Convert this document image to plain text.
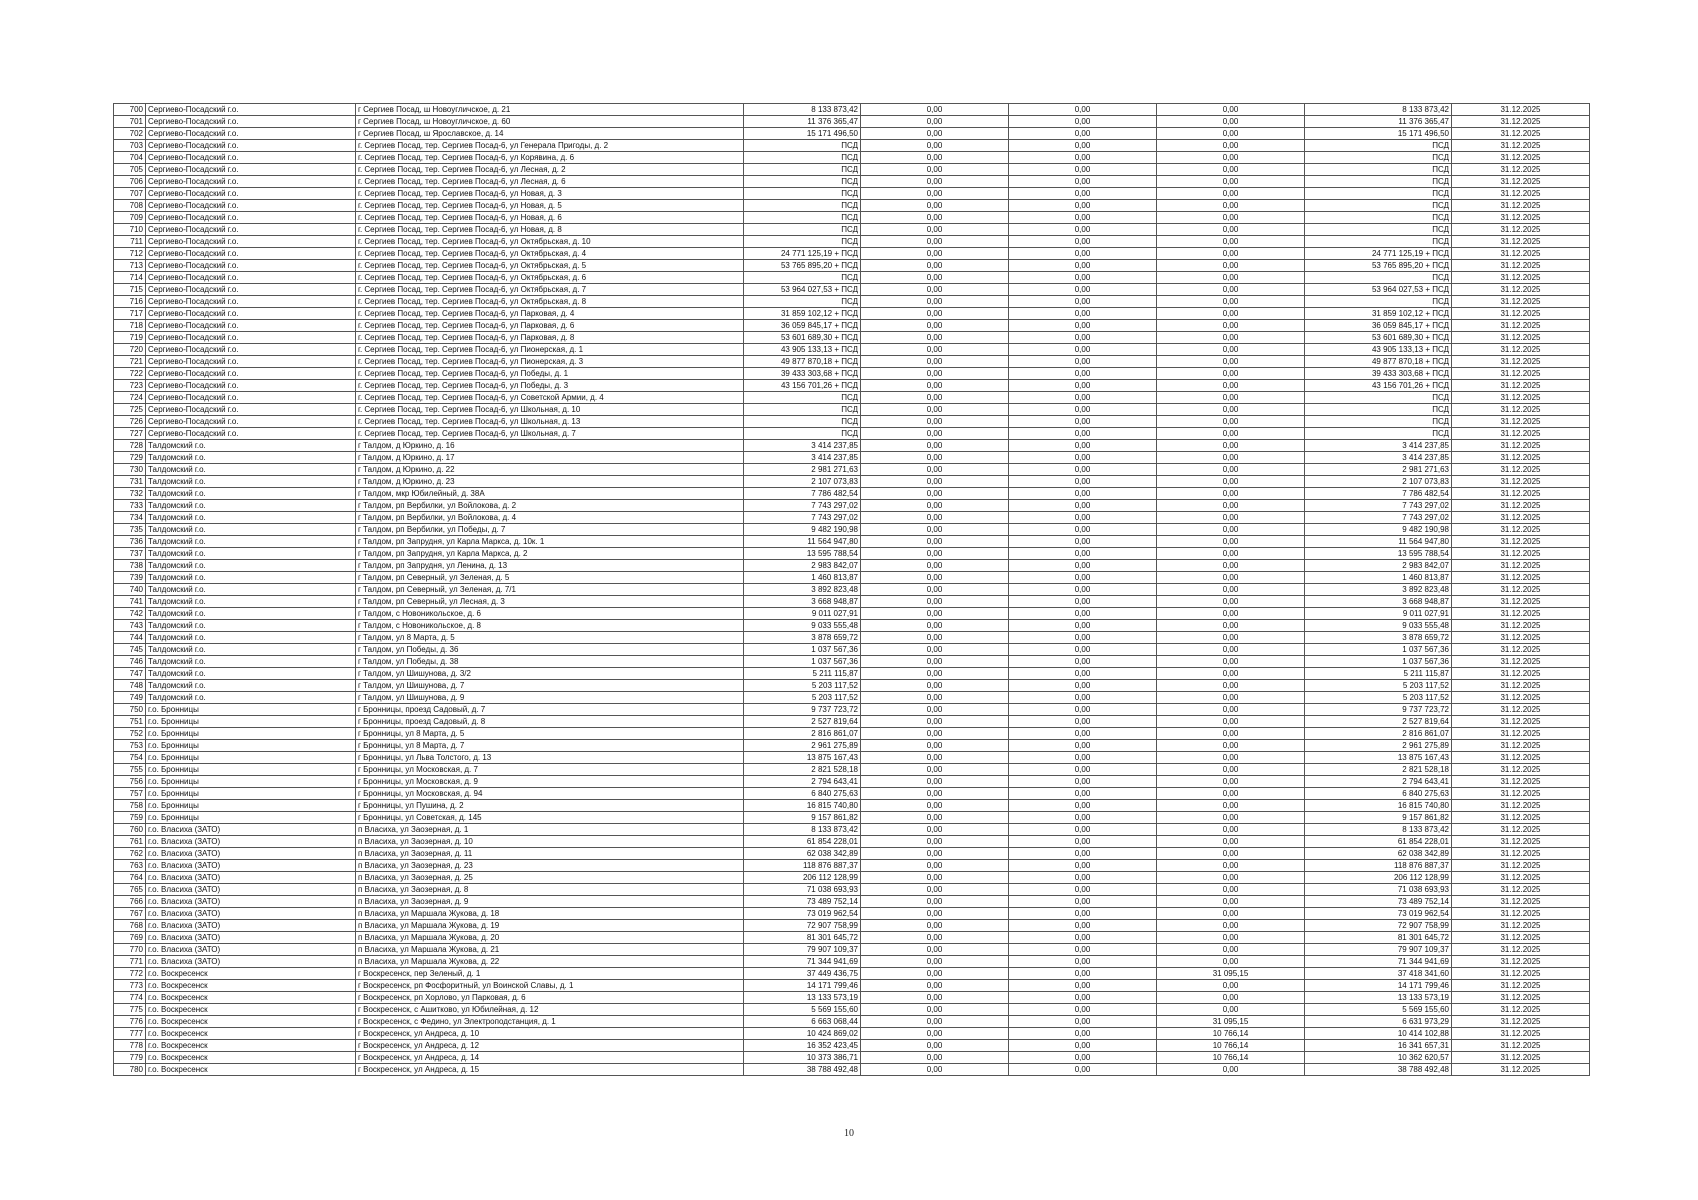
700	Сергиево-Посадский г.о.	г Сергиев Посад, ш Новоугличское, д. 21	8 133 873,42	0,00	0,00	0,00	8 133 873,42	31.12.2025
701	Сергиево-Посадский г.о.	г Сергиев Посад, ш Новоугличское, д. 60	11 376 365,47	0,00	0,00	0,00	11 376 365,47	31.12.2025
702	Сергиево-Посадский г.о.	г Сергиев Посад, ш Ярославское, д. 14	15 171 496,50	0,00	0,00	0,00	15 171 496,50	31.12.2025
703	Сергиево-Посадский г.о.	г. Сергиев Посад, тер. Сергиев Посад-6, ул Генерала Пригоды, д. 2	ПСД	0,00	0,00	0,00	ПСД	31.12.2025
704	Сергиево-Посадский г.о.	г. Сергиев Посад, тер. Сергиев Посад-6, ул Корявина, д. 6	ПСД	0,00	0,00	0,00	ПСД	31.12.2025
705	Сергиево-Посадский г.о.	г. Сергиев Посад, тер. Сергиев Посад-6, ул Лесная, д. 2	ПСД	0,00	0,00	0,00	ПСД	31.12.2025
706	Сергиево-Посадский г.о.	г. Сергиев Посад, тер. Сергиев Посад-6, ул Лесная, д. 6	ПСД	0,00	0,00	0,00	ПСД	31.12.2025
707	Сергиево-Посадский г.о.	г. Сергиев Посад, тер. Сергиев Посад-6, ул Новая, д. 3	ПСД	0,00	0,00	0,00	ПСД	31.12.2025
708	Сергиево-Посадский г.о.	г. Сергиев Посад, тер. Сергиев Посад-6, ул Новая, д. 5	ПСД	0,00	0,00	0,00	ПСД	31.12.2025
709	Сергиево-Посадский г.о.	г. Сергиев Посад, тер. Сергиев Посад-6, ул Новая, д. 6	ПСД	0,00	0,00	0,00	ПСД	31.12.2025
710	Сергиево-Посадский г.о.	г. Сергиев Посад, тер. Сергиев Посад-6, ул Новая, д. 8	ПСД	0,00	0,00	0,00	ПСД	31.12.2025
711	Сергиево-Посадский г.о.	г. Сергиев Посад, тер. Сергиев Посад-6, ул Октябрьская, д. 10	ПСД	0,00	0,00	0,00	ПСД	31.12.2025
712	Сергиево-Посадский г.о.	г. Сергиев Посад, тер. Сергиев Посад-6, ул Октябрьская, д. 4	24 771 125,19 + ПСД	0,00	0,00	0,00	24 771 125,19 + ПСД	31.12.2025
713	Сергиево-Посадский г.о.	г. Сергиев Посад, тер. Сергиев Посад-6, ул Октябрьская, д. 5	53 765 895,20 + ПСД	0,00	0,00	0,00	53 765 895,20 + ПСД	31.12.2025
714	Сергиево-Посадский г.о.	г. Сергиев Посад, тер. Сергиев Посад-6, ул Октябрьская, д. 6	ПСД	0,00	0,00	0,00	ПСД	31.12.2025
715	Сергиево-Посадский г.о.	г. Сергиев Посад, тер. Сергиев Посад-6, ул Октябрьская, д. 7	53 964 027,53 + ПСД	0,00	0,00	0,00	53 964 027,53 + ПСД	31.12.2025
716	Сергиево-Посадский г.о.	г. Сергиев Посад, тер. Сергиев Посад-6, ул Октябрьская, д. 8	ПСД	0,00	0,00	0,00	ПСД	31.12.2025
717	Сергиево-Посадский г.о.	г. Сергиев Посад, тер. Сергиев Посад-6, ул Парковая, д. 4	31 859 102,12 + ПСД	0,00	0,00	0,00	31 859 102,12 + ПСД	31.12.2025
718	Сергиево-Посадский г.о.	г. Сергиев Посад, тер. Сергиев Посад-6, ул Парковая, д. 6	36 059 845,17 + ПСД	0,00	0,00	0,00	36 059 845,17 + ПСД	31.12.2025
719	Сергиево-Посадский г.о.	г. Сергиев Посад, тер. Сергиев Посад-6, ул Парковая, д. 8	53 601 689,30 + ПСД	0,00	0,00	0,00	53 601 689,30 + ПСД	31.12.2025
720	Сергиево-Посадский г.о.	г. Сергиев Посад, тер. Сергиев Посад-6, ул Пионерская, д. 1	43 905 133,13 + ПСД	0,00	0,00	0,00	43 905 133,13 + ПСД	31.12.2025
721	Сергиево-Посадский г.о.	г. Сергиев Посад, тер. Сергиев Посад-6, ул Пионерская, д. 3	49 877 870,18 + ПСД	0,00	0,00	0,00	49 877 870,18 + ПСД	31.12.2025
722	Сергиево-Посадский г.о.	г. Сергиев Посад, тер. Сергиев Посад-6, ул Победы, д. 1	39 433 303,68 + ПСД	0,00	0,00	0,00	39 433 303,68 + ПСД	31.12.2025
723	Сергиево-Посадский г.о.	г. Сергиев Посад, тер. Сергиев Посад-6, ул Победы, д. 3	43 156 701,26 + ПСД	0,00	0,00	0,00	43 156 701,26 + ПСД	31.12.2025
724	Сергиево-Посадский г.о.	г. Сергиев Посад, тер. Сергиев Посад-6, ул Советской Армии, д. 4	ПСД	0,00	0,00	0,00	ПСД	31.12.2025
725	Сергиево-Посадский г.о.	г. Сергиев Посад, тер. Сергиев Посад-6, ул Школьная, д. 10	ПСД	0,00	0,00	0,00	ПСД	31.12.2025
726	Сергиево-Посадский г.о.	г. Сергиев Посад, тер. Сергиев Посад-6, ул Школьная, д. 13	ПСД	0,00	0,00	0,00	ПСД	31.12.2025
727	Сергиево-Посадский г.о.	г. Сергиев Посад, тер. Сергиев Посад-6, ул Школьная, д. 7	ПСД	0,00	0,00	0,00	ПСД	31.12.2025
728	Талдомский г.о.	г Талдом, д Юркино, д. 16	3 414 237,85	0,00	0,00	0,00	3 414 237,85	31.12.2025
729	Талдомский г.о.	г Талдом, д Юркино, д. 17	3 414 237,85	0,00	0,00	0,00	3 414 237,85	31.12.2025
730	Талдомский г.о.	г Талдом, д Юркино, д. 22	2 981 271,63	0,00	0,00	0,00	2 981 271,63	31.12.2025
731	Талдомский г.о.	г Талдом, д Юркино, д. 23	2 107 073,83	0,00	0,00	0,00	2 107 073,83	31.12.2025
732	Талдомский г.о.	г Талдом, мкр Юбилейный, д. 38А	7 786 482,54	0,00	0,00	0,00	7 786 482,54	31.12.2025
733	Талдомский г.о.	г Талдом, рп Вербилки, ул Войлокова, д. 2	7 743 297,02	0,00	0,00	0,00	7 743 297,02	31.12.2025
734	Талдомский г.о.	г Талдом, рп Вербилки, ул Войлокова, д. 4	7 743 297,02	0,00	0,00	0,00	7 743 297,02	31.12.2025
735	Талдомский г.о.	г Талдом, рп Вербилки, ул Победы, д. 7	9 482 190,98	0,00	0,00	0,00	9 482 190,98	31.12.2025
736	Талдомский г.о.	г Талдом, рп Запрудня, ул Карла Маркса, д. 10к. 1	11 564 947,80	0,00	0,00	0,00	11 564 947,80	31.12.2025
737	Талдомский г.о.	г Талдом, рп Запрудня, ул Карла Маркса, д. 2	13 595 788,54	0,00	0,00	0,00	13 595 788,54	31.12.2025
738	Талдомский г.о.	г Талдом, рп Запрудня, ул Ленина, д. 13	2 983 842,07	0,00	0,00	0,00	2 983 842,07	31.12.2025
739	Талдомский г.о.	г Талдом, рп Северный, ул Зеленая, д. 5	1 460 813,87	0,00	0,00	0,00	1 460 813,87	31.12.2025
740	Талдомский г.о.	г Талдом, рп Северный, ул Зеленая, д. 7/1	3 892 823,48	0,00	0,00	0,00	3 892 823,48	31.12.2025
741	Талдомский г.о.	г Талдом, рп Северный, ул Лесная, д. 3	3 668 948,87	0,00	0,00	0,00	3 668 948,87	31.12.2025
742	Талдомский г.о.	г Талдом, с Новоникольское, д. 6	9 011 027,91	0,00	0,00	0,00	9 011 027,91	31.12.2025
743	Талдомский г.о.	г Талдом, с Новоникольское, д. 8	9 033 555,48	0,00	0,00	0,00	9 033 555,48	31.12.2025
744	Талдомский г.о.	г Талдом, ул 8 Марта, д. 5	3 878 659,72	0,00	0,00	0,00	3 878 659,72	31.12.2025
745	Талдомский г.о.	г Талдом, ул Победы, д. 36	1 037 567,36	0,00	0,00	0,00	1 037 567,36	31.12.2025
746	Талдомский г.о.	г Талдом, ул Победы, д. 38	1 037 567,36	0,00	0,00	0,00	1 037 567,36	31.12.2025
747	Талдомский г.о.	г Талдом, ул Шишунова, д. 3/2	5 211 115,87	0,00	0,00	0,00	5 211 115,87	31.12.2025
748	Талдомский г.о.	г Талдом, ул Шишунова, д. 7	5 203 117,52	0,00	0,00	0,00	5 203 117,52	31.12.2025
749	Талдомский г.о.	г Талдом, ул Шишунова, д. 9	5 203 117,52	0,00	0,00	0,00	5 203 117,52	31.12.2025
750	г.о. Бронницы	г Бронницы, проезд Садовый, д. 7	9 737 723,72	0,00	0,00	0,00	9 737 723,72	31.12.2025
751	г.о. Бронницы	г Бронницы, проезд Садовый, д. 8	2 527 819,64	0,00	0,00	0,00	2 527 819,64	31.12.2025
752	г.о. Бронницы	г Бронницы, ул 8 Марта, д. 5	2 816 861,07	0,00	0,00	0,00	2 816 861,07	31.12.2025
753	г.о. Бронницы	г Бронницы, ул 8 Марта, д. 7	2 961 275,89	0,00	0,00	0,00	2 961 275,89	31.12.2025
754	г.о. Бронницы	г Бронницы, ул Льва Толстого, д. 13	13 875 167,43	0,00	0,00	0,00	13 875 167,43	31.12.2025
755	г.о. Бронницы	г Бронницы, ул Московская, д. 7	2 821 528,18	0,00	0,00	0,00	2 821 528,18	31.12.2025
756	г.о. Бронницы	г Бронницы, ул Московская, д. 9	2 794 643,41	0,00	0,00	0,00	2 794 643,41	31.12.2025
757	г.о. Бронницы	г Бронницы, ул Московская, д. 94	6 840 275,63	0,00	0,00	0,00	6 840 275,63	31.12.2025
758	г.о. Бронницы	г Бронницы, ул Пушина, д. 2	16 815 740,80	0,00	0,00	0,00	16 815 740,80	31.12.2025
759	г.о. Бронницы	г Бронницы, ул Советская, д. 145	9 157 861,82	0,00	0,00	0,00	9 157 861,82	31.12.2025
760	г.о. Власиха (ЗАТО)	п Власиха, ул Заозерная, д. 1	8 133 873,42	0,00	0,00	0,00	8 133 873,42	31.12.2025
761	г.о. Власиха (ЗАТО)	п Власиха, ул Заозерная, д. 10	61 854 228,01	0,00	0,00	0,00	61 854 228,01	31.12.2025
762	г.о. Власиха (ЗАТО)	п Власиха, ул Заозерная, д. 11	62 038 342,89	0,00	0,00	0,00	62 038 342,89	31.12.2025
763	г.о. Власиха (ЗАТО)	п Власиха, ул Заозерная, д. 23	118 876 887,37	0,00	0,00	0,00	118 876 887,37	31.12.2025
764	г.о. Власиха (ЗАТО)	п Власиха, ул Заозерная, д. 25	206 112 128,99	0,00	0,00	0,00	206 112 128,99	31.12.2025
765	г.о. Власиха (ЗАТО)	п Власиха, ул Заозерная, д. 8	71 038 693,93	0,00	0,00	0,00	71 038 693,93	31.12.2025
766	г.о. Власиха (ЗАТО)	п Власиха, ул Заозерная, д. 9	73 489 752,14	0,00	0,00	0,00	73 489 752,14	31.12.2025
767	г.о. Власиха (ЗАТО)	п Власиха, ул Маршала Жукова, д. 18	73 019 962,54	0,00	0,00	0,00	73 019 962,54	31.12.2025
768	г.о. Власиха (ЗАТО)	п Власиха, ул Маршала Жукова, д. 19	72 907 758,99	0,00	0,00	0,00	72 907 758,99	31.12.2025
769	г.о. Власиха (ЗАТО)	п Власиха, ул Маршала Жукова, д. 20	81 301 645,72	0,00	0,00	0,00	81 301 645,72	31.12.2025
770	г.о. Власиха (ЗАТО)	п Власиха, ул Маршала Жукова, д. 21	79 907 109,37	0,00	0,00	0,00	79 907 109,37	31.12.2025
771	г.о. Власиха (ЗАТО)	п Власиха, ул Маршала Жукова, д. 22	71 344 941,69	0,00	0,00	0,00	71 344 941,69	31.12.2025
772	г.о. Воскресенск	г Воскресенск, пер Зеленый, д. 1	37 449 436,75	0,00	0,00	31 095,15	37 418 341,60	31.12.2025
773	г.о. Воскресенск	г Воскресенск, рп Фосфоритный, ул Воинской Славы, д. 1	14 171 799,46	0,00	0,00	0,00	14 171 799,46	31.12.2025
774	г.о. Воскресенск	г Воскресенск, рп Хорлово, ул Парковая, д. 6	13 133 573,19	0,00	0,00	0,00	13 133 573,19	31.12.2025
775	г.о. Воскресенск	г Воскресенск, с Ашитково, ул Юбилейная, д. 12	5 569 155,60	0,00	0,00	0,00	5 569 155,60	31.12.2025
776	г.о. Воскресенск	г Воскресенск, с Федино, ул Электроподстанция, д. 1	6 663 068,44	0,00	0,00	31 095,15	6 631 973,29	31.12.2025
777	г.о. Воскресенск	г Воскресенск, ул Андреса, д. 10	10 424 869,02	0,00	0,00	10 766,14	10 414 102,88	31.12.2025
778	г.о. Воскресенск	г Воскресенск, ул Андреса, д. 12	16 352 423,45	0,00	0,00	10 766,14	16 341 657,31	31.12.2025
779	г.о. Воскресенск	г Воскресенск, ул Андреса, д. 14	10 373 386,71	0,00	0,00	10 766,14	10 362 620,57	31.12.2025
780	г.о. Воскресенск	г Воскресенск, ул Андреса, д. 15	38 788 492,48	0,00	0,00	0,00	38 788 492,48	31.12.2025
10
